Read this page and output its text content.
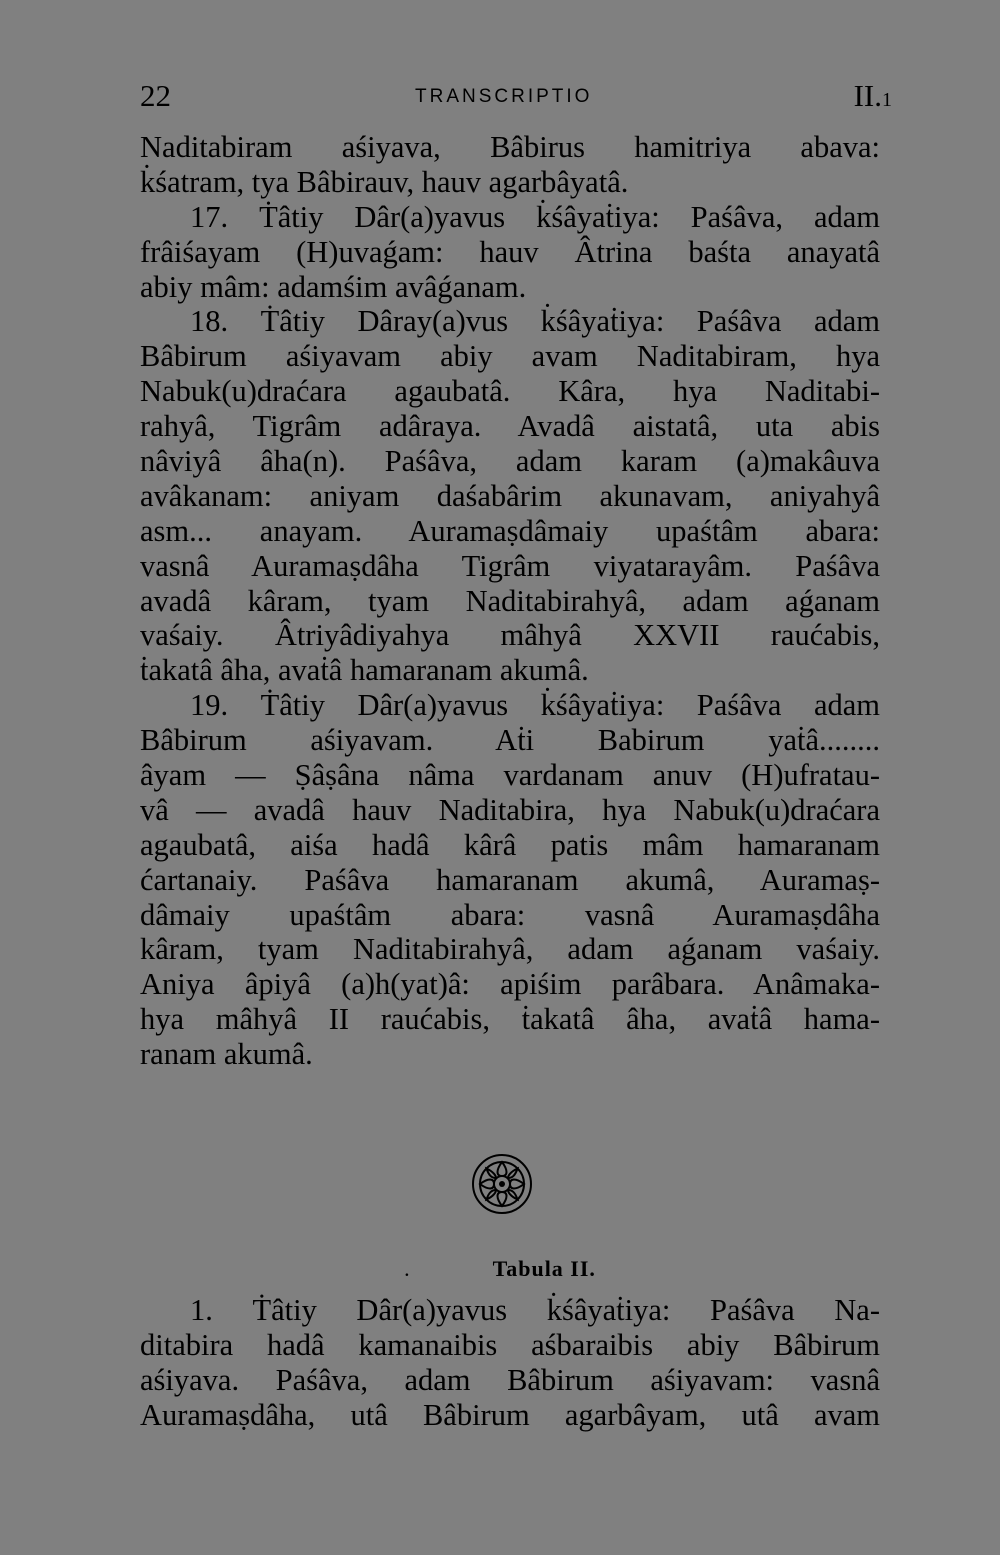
22	TRANSCRIPTIO	II.1
Naditabiram aśiyava, Bâbirus hamitriya abava:
k̇śatram, tya Bâbirauv, hauv agarbâyatâ.
17. Ṫâtiy Dâr(a)yavus k̇śâyaṫiya: Paśâva, adam
frâiśayam (H)uvaǵam: hauv Âtrina baśta anayatâ
abiy mâm: adamśim avâǵanam.
18. Ṫâtiy Dâray(a)vus k̇śâyaṫiya: Paśâva adam
Bâbirum aśiyavam abiy avam Naditabiram, hya
Nabuk(u)draćara agaubatâ. Kâra, hya Naditabi-
rahyâ, Tigrâm adâraya. Avadâ aistatâ, uta abis
nâviyâ âha(n). Paśâva, adam karam (a)makâuva
avâkanam: aniyam daśabârim akunavam, aniyahyâ
asm... anayam. Auramaṣdâmaiy upaśtâm abara:
vasnâ Auramaṣdâha Tigrâm viyatarayâm. Paśâva
avadâ kâram, tyam Naditabirahyâ, adam aǵanam
vaśaiy. Âtriyâdiyahya mâhyâ XXVII raućabis,
ṫakatâ âha, avaṫâ hamaranam akumâ.
19. Ṫâtiy Dâr(a)yavus k̇śâyaṫiya: Paśâva adam
Bâbirum aśiyavam. Aṫi Babirum yaṫâ........
âyam — Ṣâṣâna nâma vardanam anuv (H)ufratau-
vâ — avadâ hauv Naditabira, hya Nabuk(u)draćara
agaubatâ, aiśa hadâ kârâ patis mâm hamaranam
ćartanaiy. Paśâva hamaranam akumâ, Auramaṣ-
dâmaiy upaśtâm abara: vasnâ Auramaṣdâha
kâram, tyam Naditabirahyâ, adam aǵanam vaśaiy.
Aniya âpiyâ (a)h(yat)â: apiśim parâbara. Anâmaka-
hya mâhyâ II raućabis, ṫakatâ âha, avaṫâ hama-
ranam akumâ.
.	Tabula II.
1. Ṫâtiy Dâr(a)yavus k̇śâyaṫiya: Paśâva Na-
ditabira hadâ kamanaibis aśbaraibis abiy Bâbirum
aśiyava. Paśâva, adam Bâbirum aśiyavam: vasnâ
Auramaṣdâha, utâ Bâbirum agarbâyam, utâ avam
